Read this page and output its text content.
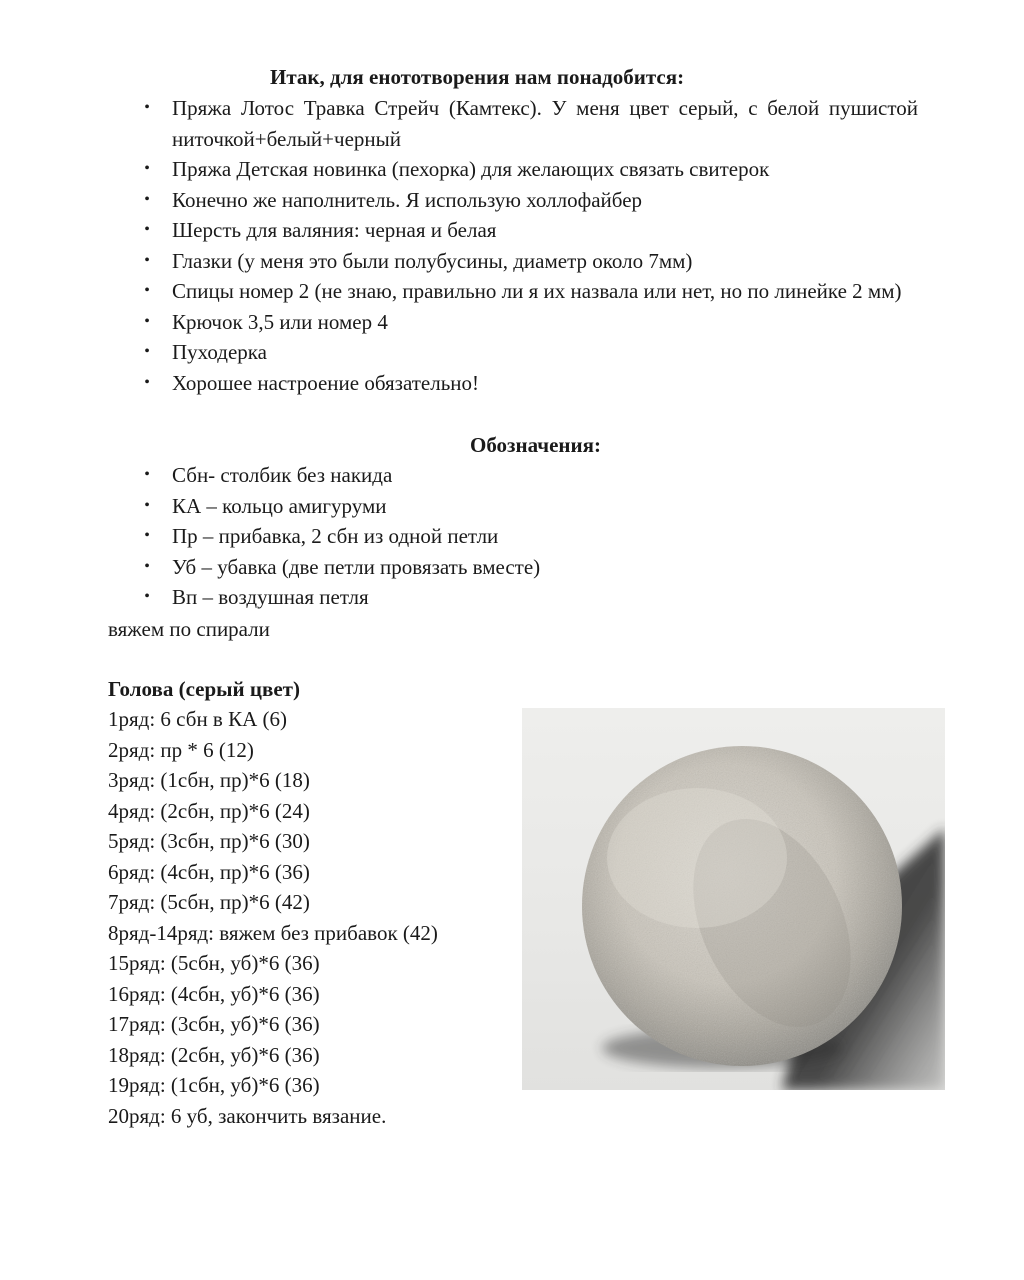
Итак, для енототворения нам понадобится:
• Пряжа Лотос Травка Стрейч (Камтекс). У меня цвет серый, с белой пушистой ниточкой+белый+черный
• Пряжа Детская новинка (пехорка) для желающих связать свитерок
• Конечно же наполнитель. Я использую холлофайбер
• Шерсть для валяния: черная и белая
• Глазки (у меня это были полубусины, диаметр около 7мм)
• Спицы номер 2 (не знаю, правильно ли я их назвала или нет, но по линейке 2 мм)
• Крючок 3,5 или номер 4
• Пуходерка
• Хорошее настроение обязательно!
Обозначения:
• Сбн- столбик без накида
• КА – кольцо амигуруми
• Пр – прибавка, 2 сбн из одной петли
• Уб – убавка (две петли провязать вместе)
• Вп – воздушная петля
вяжем по спирали
Голова (серый цвет)
1ряд: 6 сбн в КА (6)
2ряд: пр * 6 (12)
3ряд: (1сбн, пр)*6 (18)
4ряд: (2сбн, пр)*6 (24)
5ряд: (3сбн, пр)*6 (30)
6ряд: (4сбн, пр)*6 (36)
7ряд: (5сбн, пр)*6 (42)
8ряд-14ряд: вяжем без прибавок (42)
15ряд: (5сбн, уб)*6 (36)
16ряд: (4сбн, уб)*6 (36)
17ряд: (3сбн, уб)*6 (36)
18ряд: (2сбн, уб)*6 (36)
19ряд: (1сбн, уб)*6 (36)
20ряд: 6 уб, закончить вязание.
